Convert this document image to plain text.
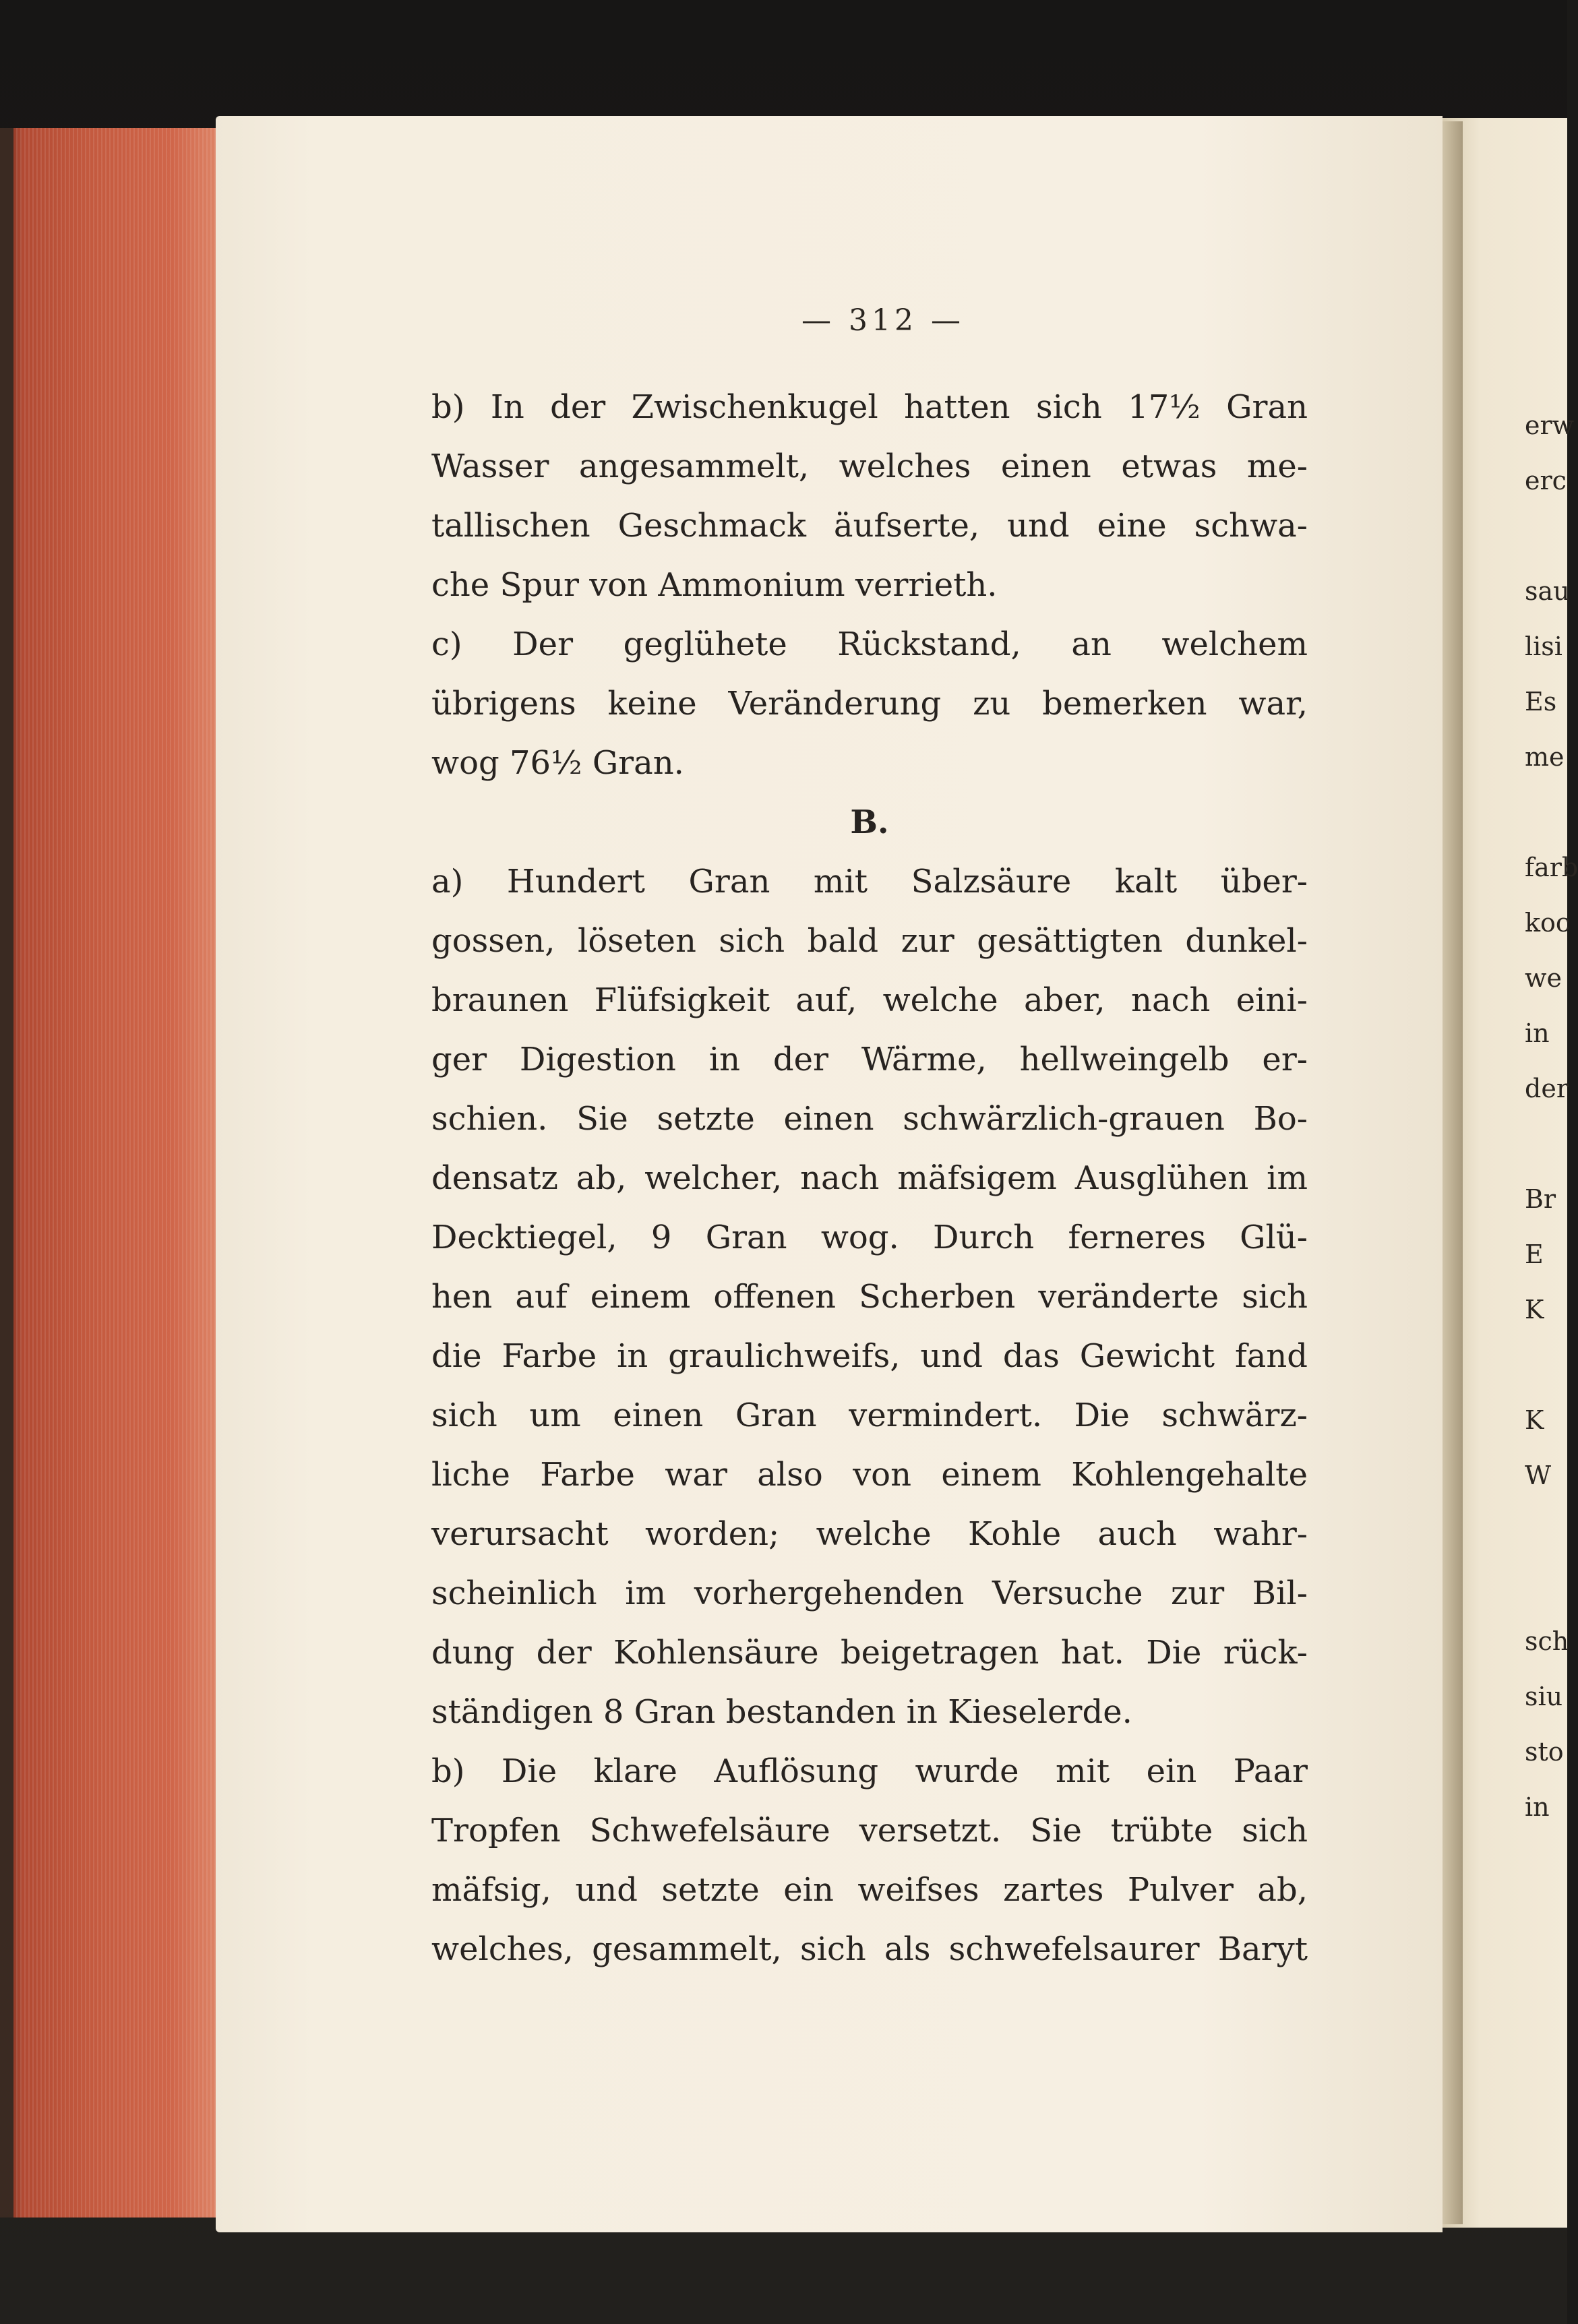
— 312 —
b) In der Zwischenkugel hatten sich 17½ Gran
Wasser angesammelt, welches einen etwas me-
tallischen Geschmack äufserte, und eine schwa-
che Spur von Ammonium verrieth.
c) Der geglühete Rückstand, an welchem
übrigens keine Veränderung zu bemerken war,
wog 76½ Gran.
B.
a) Hundert Gran mit Salzsäure kalt über-
gossen, löseten sich bald zur gesättigten dunkel-
braunen Flüfsigkeit auf, welche aber, nach eini-
ger Digestion in der Wärme, hellweingelb er-
schien. Sie setzte einen schwärzlich-grauen Bo-
densatz ab, welcher, nach mäfsigem Ausglühen im
Decktiegel, 9 Gran wog. Durch ferneres Glü-
hen auf einem offenen Scherben veränderte sich
die Farbe in graulichweifs, und das Gewicht fand
sich um einen Gran vermindert. Die schwärz-
liche Farbe war also von einem Kohlengehalte
verursacht worden; welche Kohle auch wahr-
scheinlich im vorhergehenden Versuche zur Bil-
dung der Kohlensäure beigetragen hat. Die rück-
ständigen 8 Gran bestanden in Kieselerde.
b) Die klare Auflösung wurde mit ein Paar
Tropfen Schwefelsäure versetzt. Sie trübte sich
mäfsig, und setzte ein weifses zartes Pulver ab,
welches, gesammelt, sich als schwefelsaurer Baryt
erw
erc
sau
lisi
Es
me
farb
koc
we
in
der
Br
E
K
K
W
sch
siu
sto
in
